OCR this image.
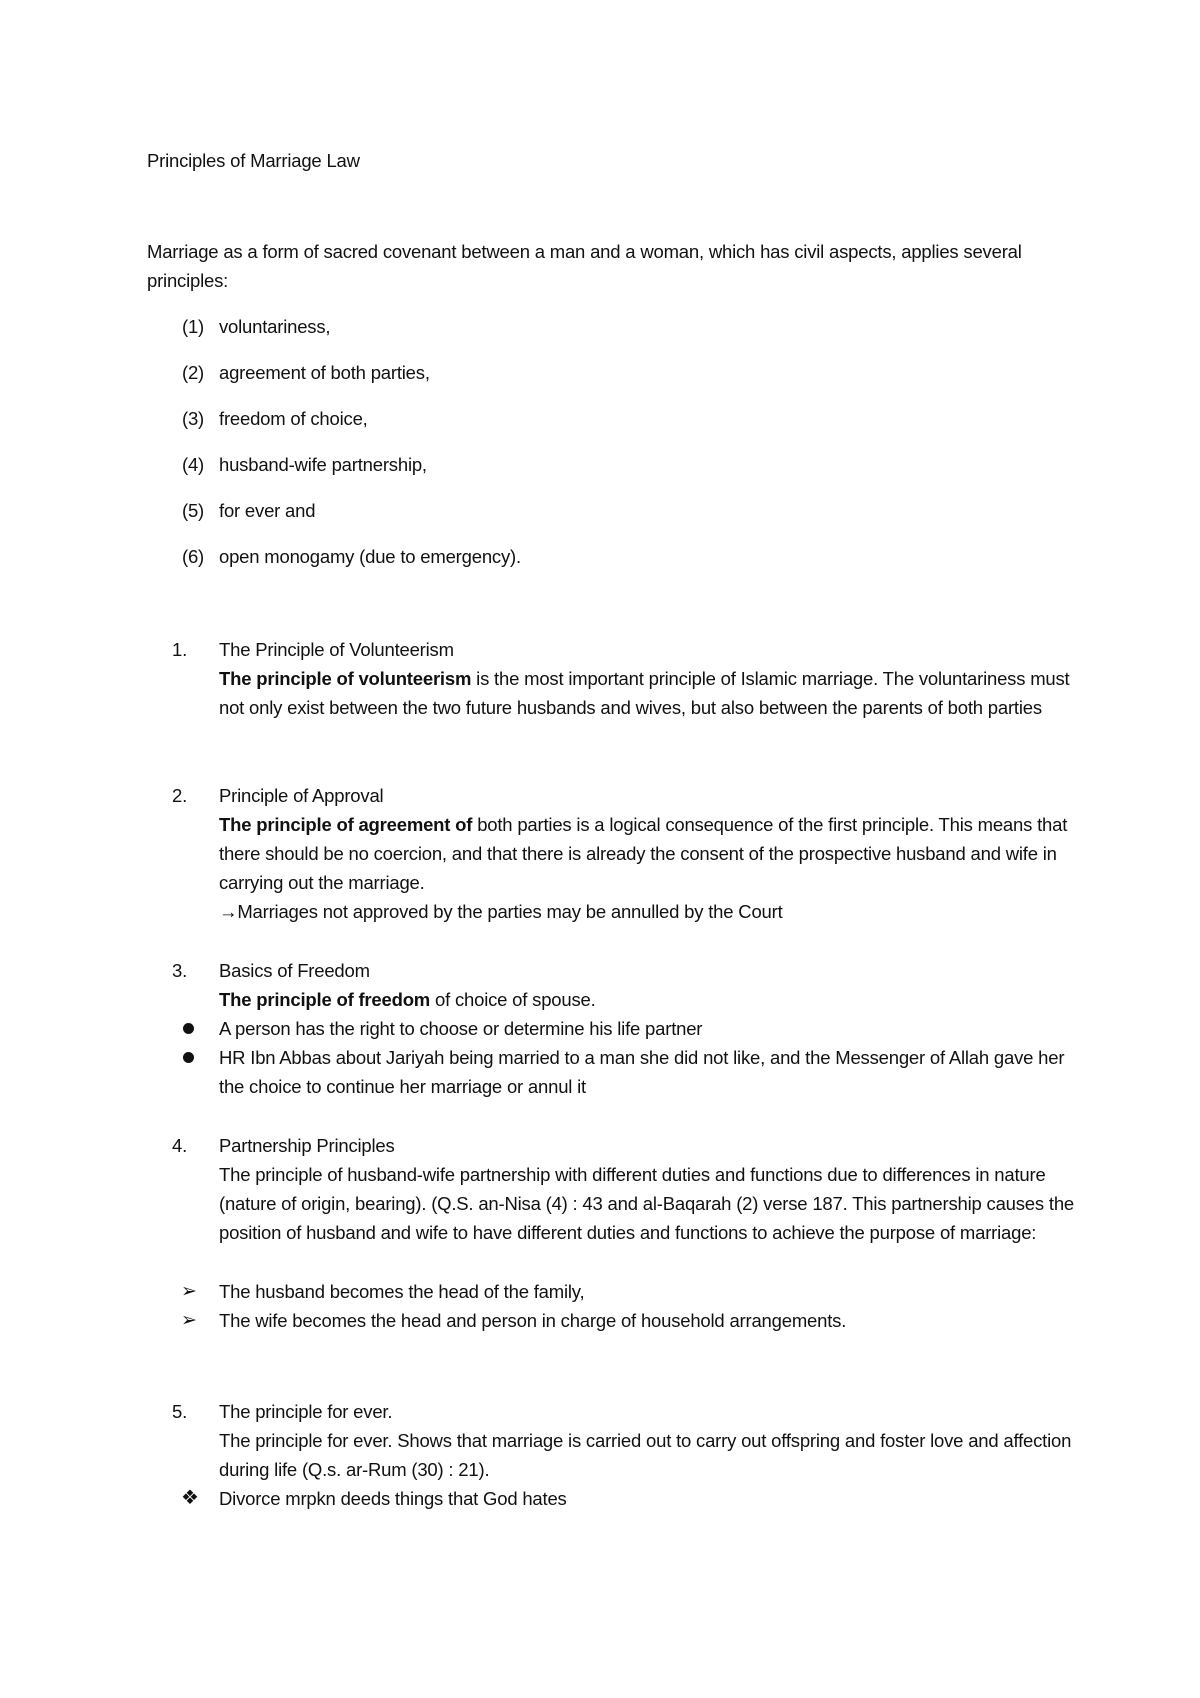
Principles of Marriage Law
Marriage as a form of sacred covenant between a man and a woman, which has civil aspects, applies several principles:
(1) voluntariness,
(2) agreement of both parties,
(3) freedom of choice,
(4) husband-wife partnership,
(5) for ever and
(6) open monogamy (due to emergency).
1.	The Principle of Volunteerism
The principle of volunteerism is the most important principle of Islamic marriage. The voluntariness must not only exist between the two future husbands and wives, but also between the parents of both parties
2.	Principle of Approval
The principle of agreement of both parties is a logical consequence of the first principle. This means that there should be no coercion, and that there is already the consent of the prospective husband and wife in carrying out the marriage.
→Marriages not approved by the parties may be annulled by the Court
3.	Basics of Freedom
The principle of freedom of choice of spouse.
A person has the right to choose or determine his life partner
HR Ibn Abbas about Jariyah being married to a man she did not like, and the Messenger of Allah gave her the choice to continue her marriage or annul it
4.	Partnership Principles
The principle of husband-wife partnership with different duties and functions due to differences in nature (nature of origin, bearing). (Q.S. an-Nisa (4) : 43 and al-Baqarah (2) verse 187. This partnership causes the position of husband and wife to have different duties and functions to achieve the purpose of marriage:
➢ The husband becomes the head of the family,
➢ The wife becomes the head and person in charge of household arrangements.
5.	The principle for ever.
The principle for ever. Shows that marriage is carried out to carry out offspring and foster love and affection during life (Q.s. ar-Rum (30) : 21).
❖ Divorce mrpkn deeds things that God hates
